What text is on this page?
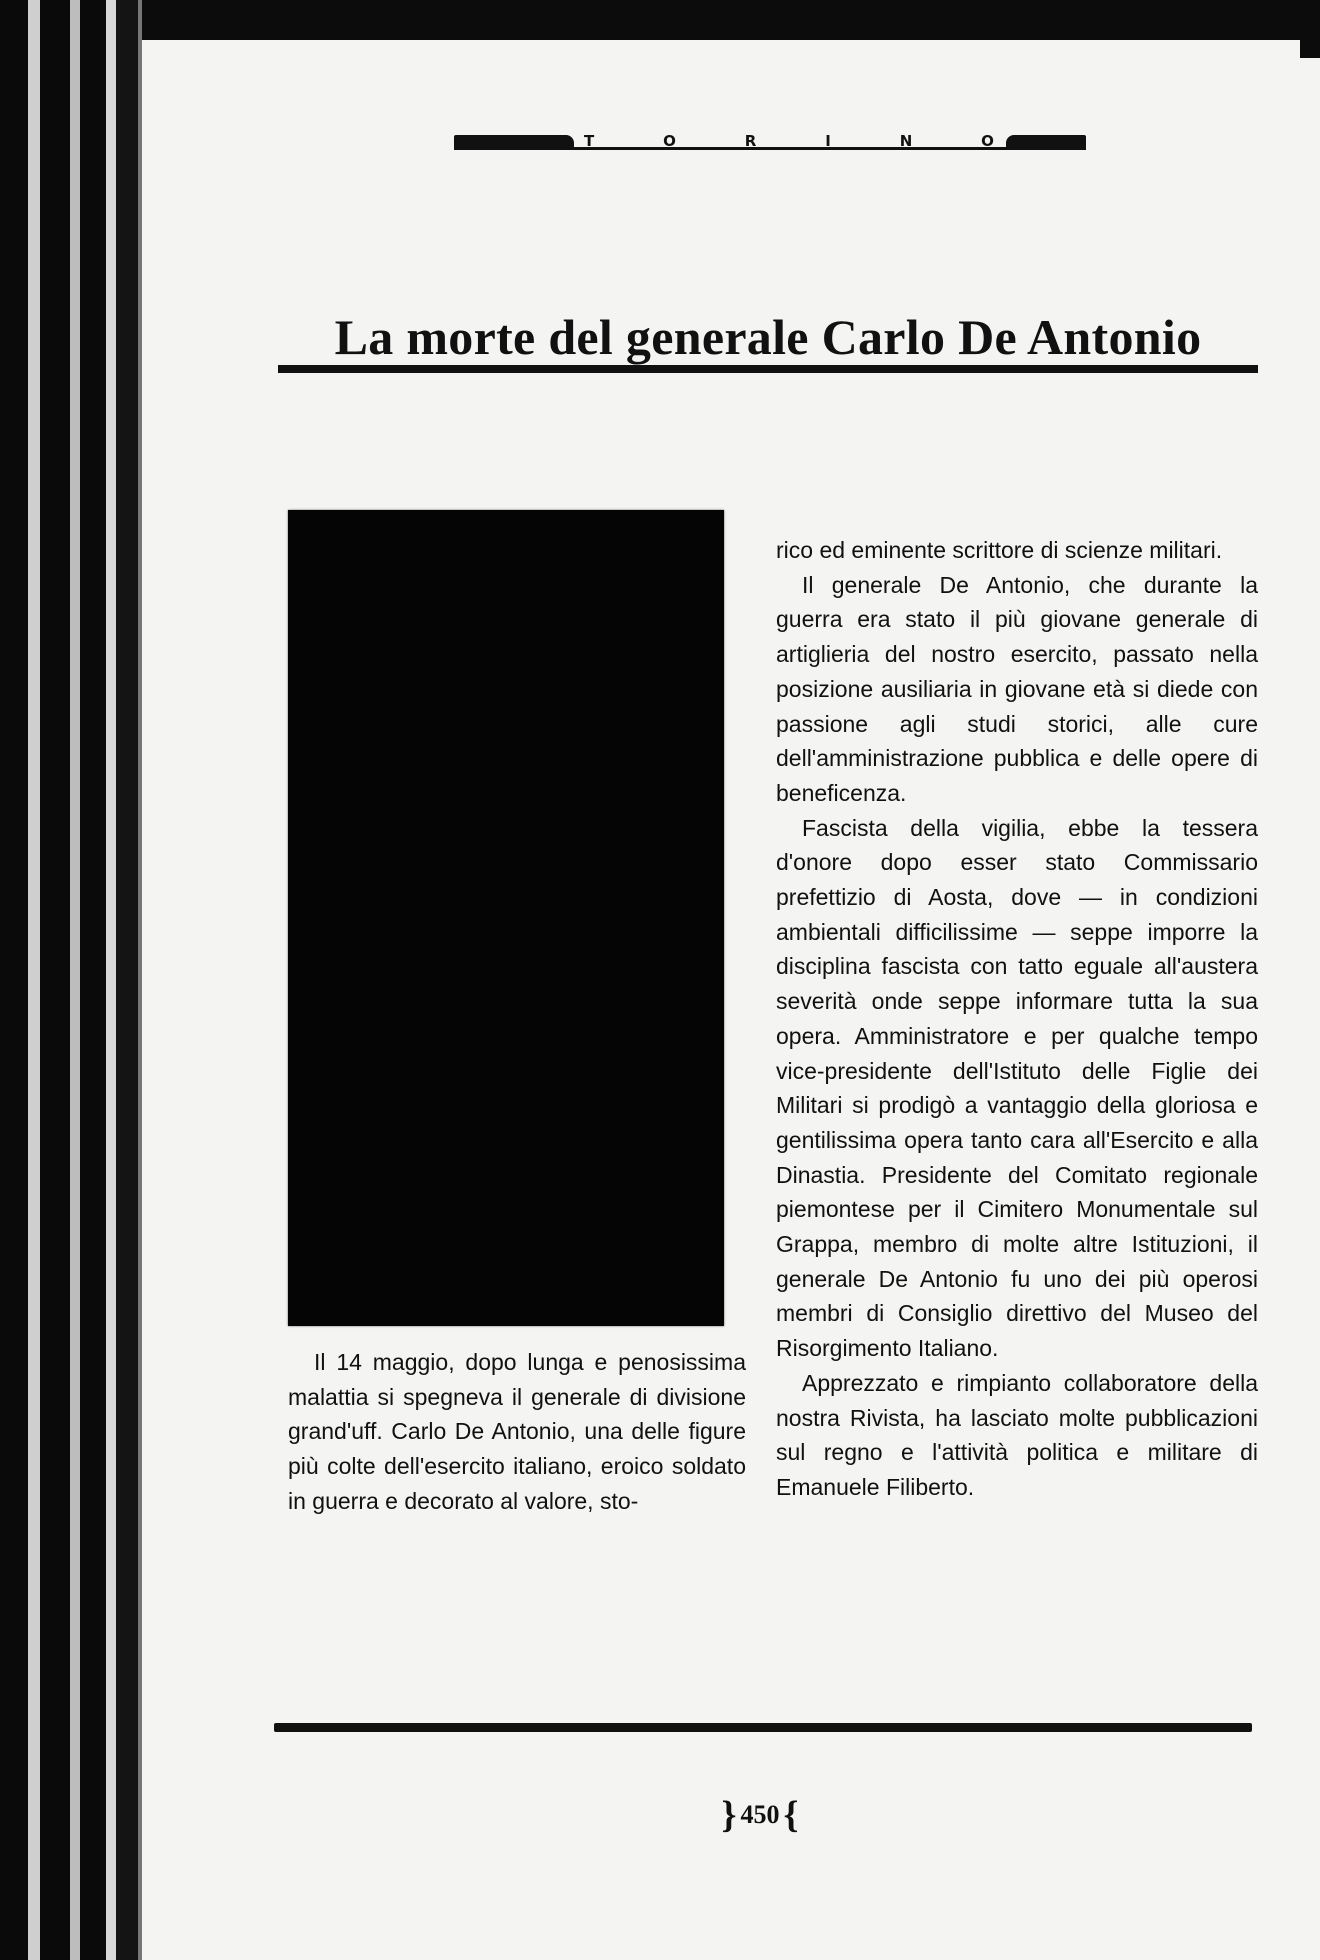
T	O	R	I	N	O
La morte del generale Carlo De Antonio

Il 14 maggio, dopo lunga e penosissima malattia si spegneva il generale di divisione grand'uff. Carlo De Antonio, una delle figure più colte dell'esercito italiano, eroico soldato in guerra e decorato al valore, sto-

rico ed eminente scrittore di scienze militari.

Il generale De Antonio, che durante la guerra era stato il più giovane generale di artiglieria del nostro esercito, passato nella posizione ausiliaria in giovane età si diede con passione agli studi storici, alle cure dell'amministrazione pubblica e delle opere di beneficenza.

Fascista della vigilia, ebbe la tessera d'onore dopo esser stato Commissario prefettizio di Aosta, dove — in condizioni ambientali difficilissime — seppe imporre la disciplina fascista con tatto eguale all'austera severità onde seppe informare tutta la sua opera. Amministratore e per qualche tempo vice-presidente dell'Istituto delle Figlie dei Militari si prodigò a vantaggio della gloriosa e gentilissima opera tanto cara all'Esercito e alla Dinastia. Presidente del Comitato regionale piemontese per il Cimitero Monumentale sul Grappa, membro di molte altre Istituzioni, il generale De Antonio fu uno dei più operosi membri di Consiglio direttivo del Museo del Risorgimento Italiano.

Apprezzato e rimpianto collaboratore della nostra Rivista, ha lasciato molte pubblicazioni sul regno e l'attività politica e militare di Emanuele Filiberto.

} 450 {
